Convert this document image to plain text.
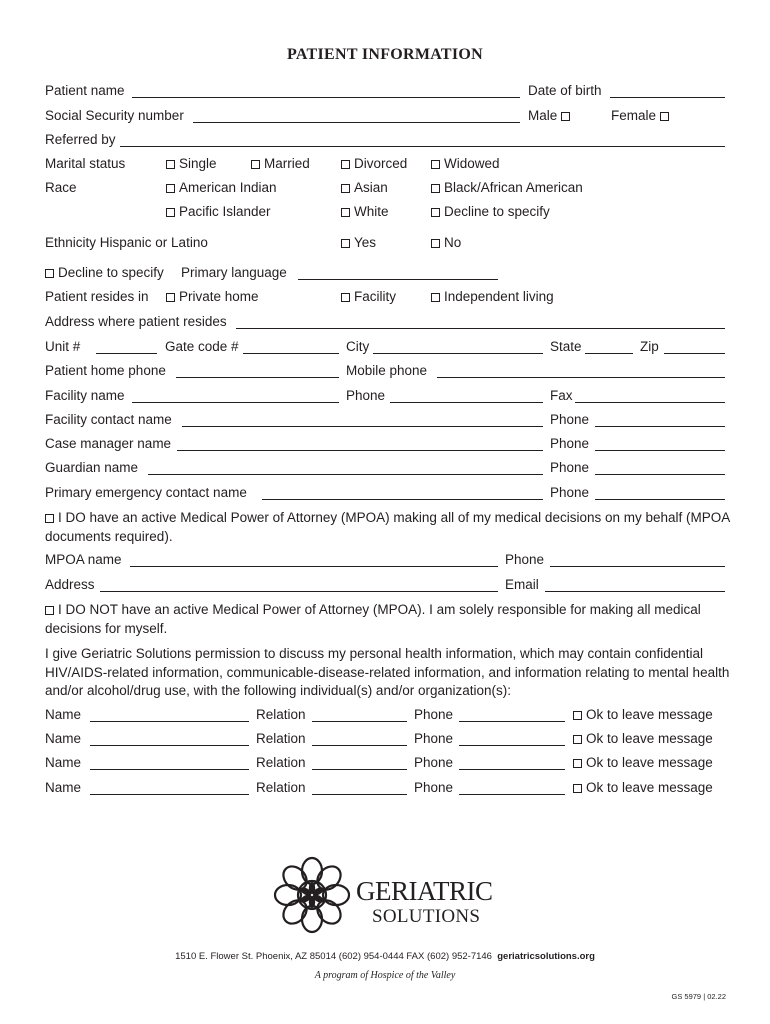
PATIENT INFORMATION
Patient name	Date of birth
Social Security number	Male	Female
Referred by
Marital status	Single	Married	Divorced	Widowed
Race	American Indian	Asian	Black/African American
Pacific Islander	White	Decline to specify
Ethnicity Hispanic or Latino	Yes	No
Decline to specify Primary language
Patient resides in	Private home	Facility	Independent living
Address where patient resides
Unit #	Gate code #	City	State	Zip
Patient home phone	Mobile phone
Facility name	Phone	Fax
Facility contact name	Phone
Case manager name	Phone
Guardian name	Phone
Primary emergency contact name	Phone
I DO have an active Medical Power of Attorney (MPOA) making all of my medical decisions on my behalf (MPOA documents required).
MPOA name	Phone
Address	Email
I DO NOT have an active Medical Power of Attorney (MPOA). I am solely responsible for making all medical decisions for myself.
I give Geriatric Solutions permission to discuss my personal health information, which may contain confidential HIV/AIDS-related information, communicable-disease-related information, and information relating to mental health and/or alcohol/drug use, with the following individual(s) and/or organization(s):
Name	Relation	Phone	Ok to leave message
Name	Relation	Phone	Ok to leave message
Name	Relation	Phone	Ok to leave message
Name	Relation	Phone	Ok to leave message
GERIATRIC
SOLUTIONS
1510 E. Flower St. Phoenix, AZ 85014 (602) 954-0444 FAX (602) 952-7146 geriatricsolutions.org
A program of Hospice of the Valley
GS 5979 | 02.22
